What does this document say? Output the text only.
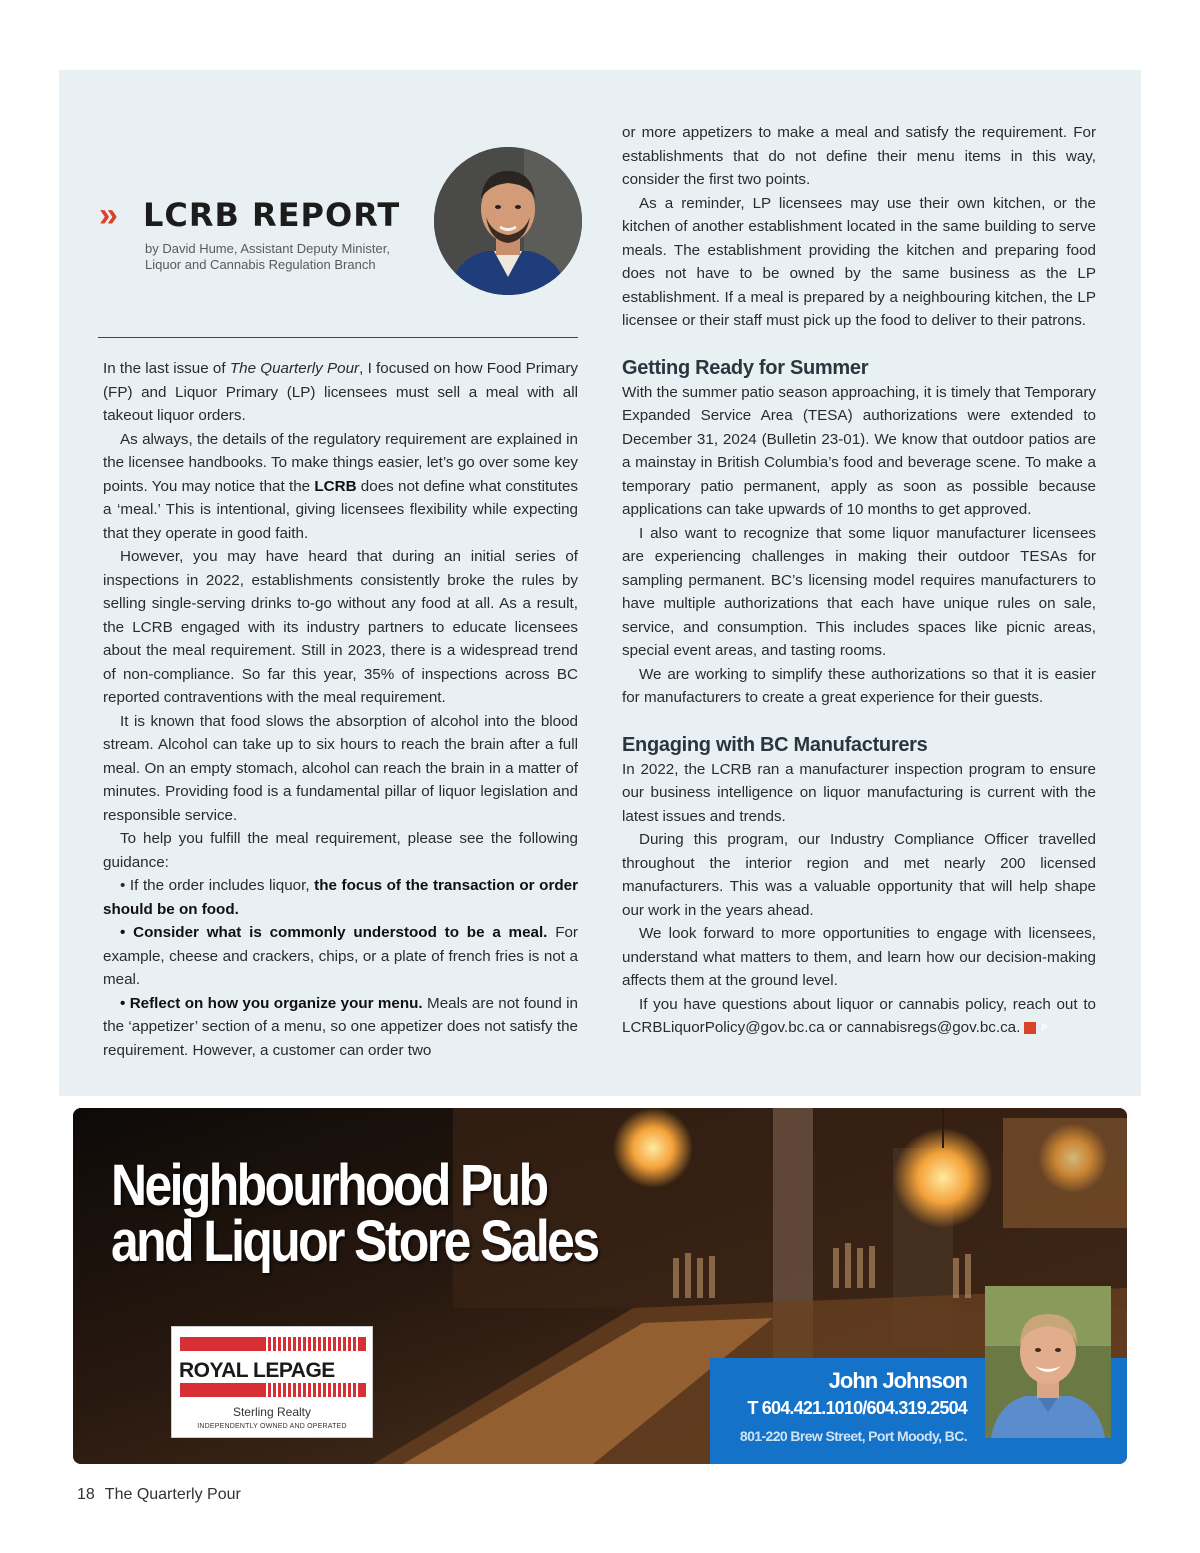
» LCRB REPORT
by David Hume, Assistant Deputy Minister,
Liquor and Cannabis Regulation Branch

In the last issue of The Quarterly Pour, I focused on how Food Primary (FP) and Liquor Primary (LP) licensees must sell a meal with all takeout liquor orders.

As always, the details of the regulatory requirement are explained in the licensee handbooks. To make things easier, let’s go over some key points. You may notice that the LCRB does not define what constitutes a ‘meal.’ This is intentional, giving licensees flexibility while expecting that they operate in good faith.

However, you may have heard that during an initial series of inspections in 2022, establishments consistently broke the rules by selling single-serving drinks to-go without any food at all. As a result, the LCRB engaged with its industry partners to educate licensees about the meal requirement. Still in 2023, there is a widespread trend of non-compliance. So far this year, 35% of inspections across BC reported contraventions with the meal requirement.

It is known that food slows the absorption of alcohol into the blood stream. Alcohol can take up to six hours to reach the brain after a full meal. On an empty stomach, alcohol can reach the brain in a matter of minutes. Providing food is a fundamental pillar of liquor legislation and responsible service.

To help you fulfill the meal requirement, please see the following guidance:

• If the order includes liquor, the focus of the transaction or order should be on food.

• Consider what is commonly understood to be a meal. For example, cheese and crackers, chips, or a plate of french fries is not a meal.

• Reflect on how you organize your menu. Meals are not found in the ‘appetizer’ section of a menu, so one appetizer does not satisfy the requirement. However, a customer can order two

or more appetizers to make a meal and satisfy the requirement. For establishments that do not define their menu items in this way, consider the first two points.

As a reminder, LP licensees may use their own kitchen, or the kitchen of another establishment located in the same building to serve meals. The establishment providing the kitchen and preparing food does not have to be owned by the same business as the LP establishment. If a meal is prepared by a neighbouring kitchen, the LP licensee or their staff must pick up the food to deliver to their patrons.

Getting Ready for Summer

With the summer patio season approaching, it is timely that Temporary Expanded Service Area (TESA) authorizations were extended to December 31, 2024 (Bulletin 23-01). We know that outdoor patios are a mainstay in British Columbia’s food and beverage scene. To make a temporary patio permanent, apply as soon as possible because applications can take upwards of 10 months to get approved.

I also want to recognize that some liquor manufacturer licensees are experiencing challenges in making their outdoor TESAs for sampling permanent. BC’s licensing model requires manufacturers to have multiple authorizations that each have unique rules on sale, service, and consumption. This includes spaces like picnic areas, special event areas, and tasting rooms.

We are working to simplify these authorizations so that it is easier for manufacturers to create a great experience for their guests.

Engaging with BC Manufacturers

In 2022, the LCRB ran a manufacturer inspection program to ensure our business intelligence on liquor manufacturing is current with the latest issues and trends.

During this program, our Industry Compliance Officer travelled throughout the interior region and met nearly 200 licensed manufacturers. This was a valuable opportunity that will help shape our work in the years ahead.

We look forward to more opportunities to engage with licensees, understand what matters to them, and learn how our decision-making affects them at the ground level.

If you have questions about liquor or cannabis policy, reach out to LCRBLiquorPolicy@gov.bc.ca or cannabisregs@gov.bc.ca. P

Neighbourhood Pub
and Liquor Store Sales
ROYAL LEPAGE
Sterling Realty
INDEPENDENTLY OWNED AND OPERATED
John Johnson
T 604.421.1010/604.319.2504
801-220 Brew Street, Port Moody, BC.
18 The Quarterly Pour
